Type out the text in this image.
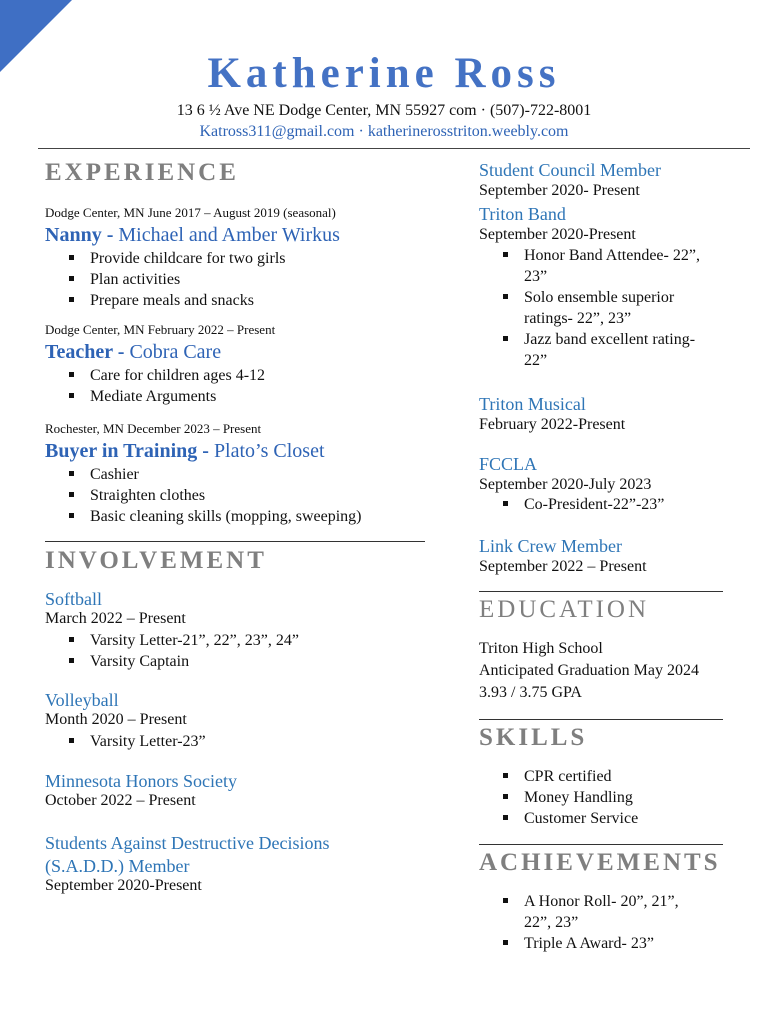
Katherine Ross
13 6 ½ Ave NE Dodge Center, MN 55927 com · (507)-722-8001
Katross311@gmail.com · katherinerosstriton.weebly.com
EXPERIENCE
Dodge Center, MN June 2017 – August 2019 (seasonal)
Nanny - Michael and Amber Wirkus
Provide childcare for two girls
Plan activities
Prepare meals and snacks
Dodge Center, MN February 2022 – Present
Teacher - Cobra Care
Care for children ages 4-12
Mediate Arguments
Rochester, MN December 2023 – Present
Buyer in Training - Plato’s Closet
Cashier
Straighten clothes
Basic cleaning skills (mopping, sweeping)
INVOLVEMENT
Softball
March 2022 – Present
Varsity Letter-21”, 22”, 23”, 24”
Varsity Captain
Volleyball
Month 2020 – Present
Varsity Letter-23”
Minnesota Honors Society
October 2022 – Present
Students Against Destructive Decisions
(S.A.D.D.) Member
September 2020-Present
Student Council Member
September 2020- Present
Triton Band
September 2020-Present
Honor Band Attendee- 22”,
23”
Solo ensemble superior
ratings- 22”, 23”
Jazz band excellent rating-
22”
Triton Musical
February 2022-Present
FCCLA
September 2020-July 2023
Co-President-22”-23”
Link Crew Member
September 2022 – Present
EDUCATION
Triton High School
Anticipated Graduation May 2024
3.93 / 3.75 GPA
SKILLS
CPR certified
Money Handling
Customer Service
ACHIEVEMENTS
A Honor Roll- 20”, 21”,
22”, 23”
Triple A Award- 23”
